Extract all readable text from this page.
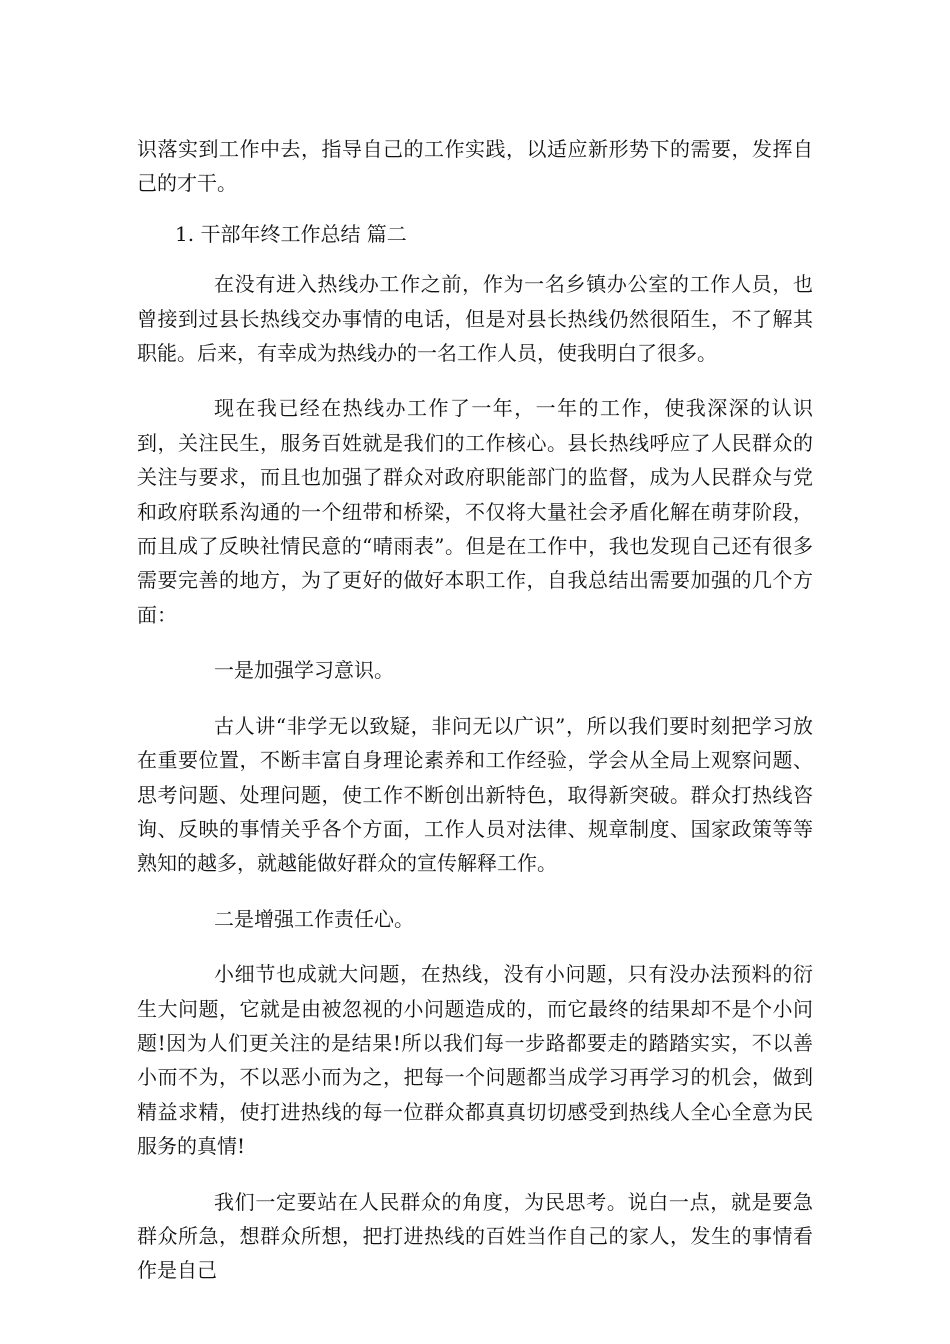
识落实到工作中去，指导自己的工作实践，以适应新形势下的需要，发挥自己的才干。

1. 干部年终工作总结 篇二

在没有进入热线办工作之前，作为一名乡镇办公室的工作人员，也曾接到过县长热线交办事情的电话，但是对县长热线仍然很陌生，不了解其职能。后来，有幸成为热线办的一名工作人员，使我明白了很多。

现在我已经在热线办工作了一年，一年的工作，使我深深的认识到，关注民生，服务百姓就是我们的工作核心。县长热线呼应了人民群众的关注与要求，而且也加强了群众对政府职能部门的监督，成为人民群众与党和政府联系沟通的一个纽带和桥梁，不仅将大量社会矛盾化解在萌芽阶段，而且成了反映社情民意的“晴雨表”。但是在工作中，我也发现自己还有很多需要完善的地方，为了更好的做好本职工作，自我总结出需要加强的几个方面：

一是加强学习意识。

古人讲“非学无以致疑，非问无以广识”，所以我们要时刻把学习放在重要位置，不断丰富自身理论素养和工作经验，学会从全局上观察问题、思考问题、处理问题，使工作不断创出新特色，取得新突破。群众打热线咨询、反映的事情关乎各个方面，工作人员对法律、规章制度、国家政策等等熟知的越多，就越能做好群众的宣传解释工作。

二是增强工作责任心。

小细节也成就大问题，在热线，没有小问题，只有没办法预料的衍生大问题，它就是由被忽视的小问题造成的，而它最终的结果却不是个小问题!因为人们更关注的是结果!所以我们每一步路都要走的踏踏实实，不以善小而不为，不以恶小而为之，把每一个问题都当成学习再学习的机会，做到精益求精，使打进热线的每一位群众都真真切切感受到热线人全心全意为民服务的真情!

我们一定要站在人民群众的角度，为民思考。说白一点，就是要急群众所急，想群众所想，把打进热线的百姓当作自己的家人，发生的事情看作是自己
